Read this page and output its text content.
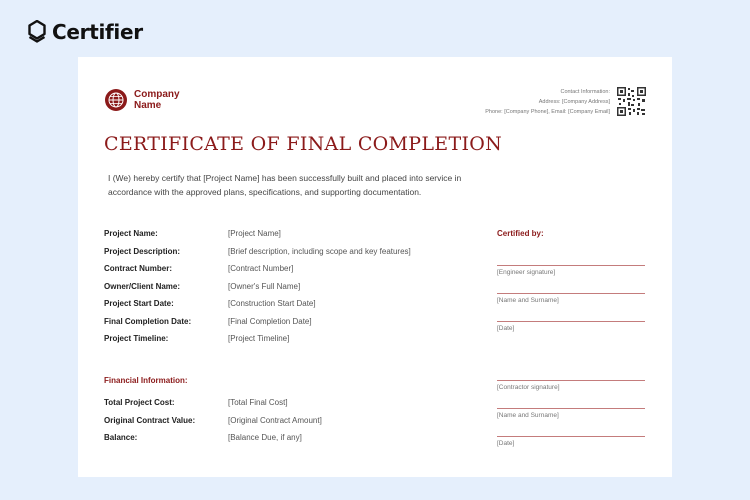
Certifier
Company
Name
Contact Information:
Address: [Company Address]
Phone: [Company Phone], Email: [Company Email]
CERTIFICATE OF FINAL COMPLETION
I (We) hereby certify that [Project Name] has been successfully built and placed into service in accordance with the approved plans, specifications, and supporting documentation.
Project Name:	[Project Name]
Project Description:	[Brief description, including scope and key features]
Contract Number:	[Contract Number]
Owner/Client Name:	[Owner's Full Name]
Project Start Date:	[Construction Start Date]
Final Completion Date:	[Final Completion Date]
Project Timeline:	[Project Timeline]
Financial Information:
Total Project Cost:	[Total Final Cost]
Original Contract Value:	[Original Contract Amount]
Balance:	[Balance Due, if any]
Certified by:
[Engineer signature]
[Name and Surname]
[Date]
[Contractor signature]
[Name and Surname]
[Date]
